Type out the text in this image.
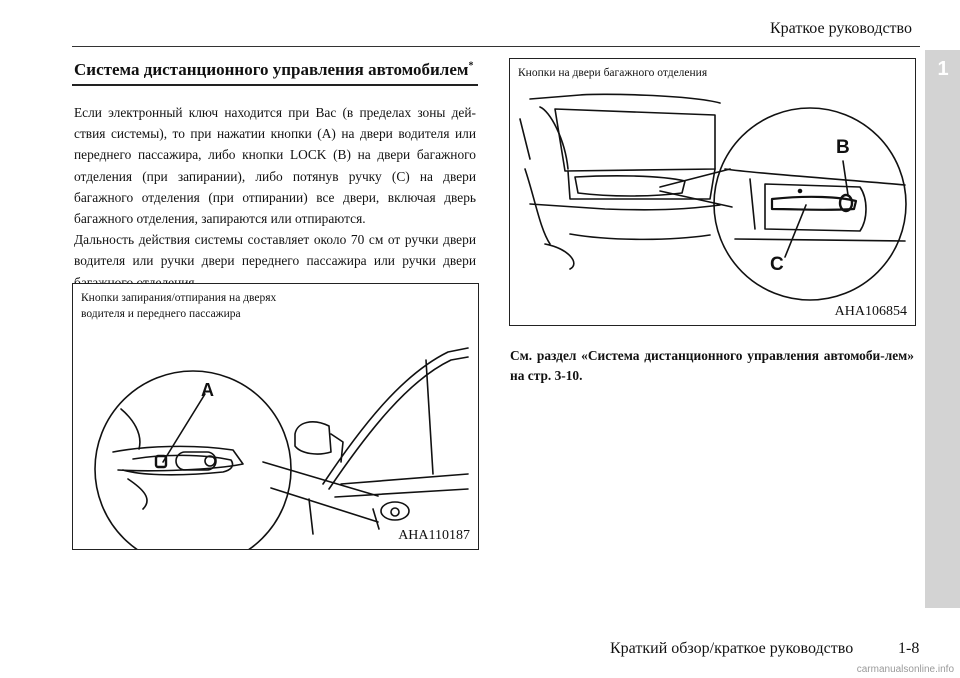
Краткое руководство
1
Система дистанционного управления автомобилем*

Если электронный ключ находится при Вас (в пределах зоны дей-ствия системы), то при нажатии кнопки (A) на двери водителя или переднего пассажира, либо кнопки LOCK (B) на двери багажного отделения (при запирании), либо потянув ручку (C) на двери багажного отделения (при отпирании) все двери, включая дверь багажного отделения, запираются или отпираются.

Дальность действия системы составляет около 70 см от ручки двери водителя или ручки двери переднего пассажира или ручки двери

Кнопки запирания/отпирания на дверях
водителя и переднего пассажира
A
AHA110187
Кнопки на двери багажного отделения
B
C
AHA106854
См. раздел «Система дистанционного управления автомоби-лем» на стр. 3-10.
Краткий обзор/краткое руководство	1-8
carmanualsonline.info
